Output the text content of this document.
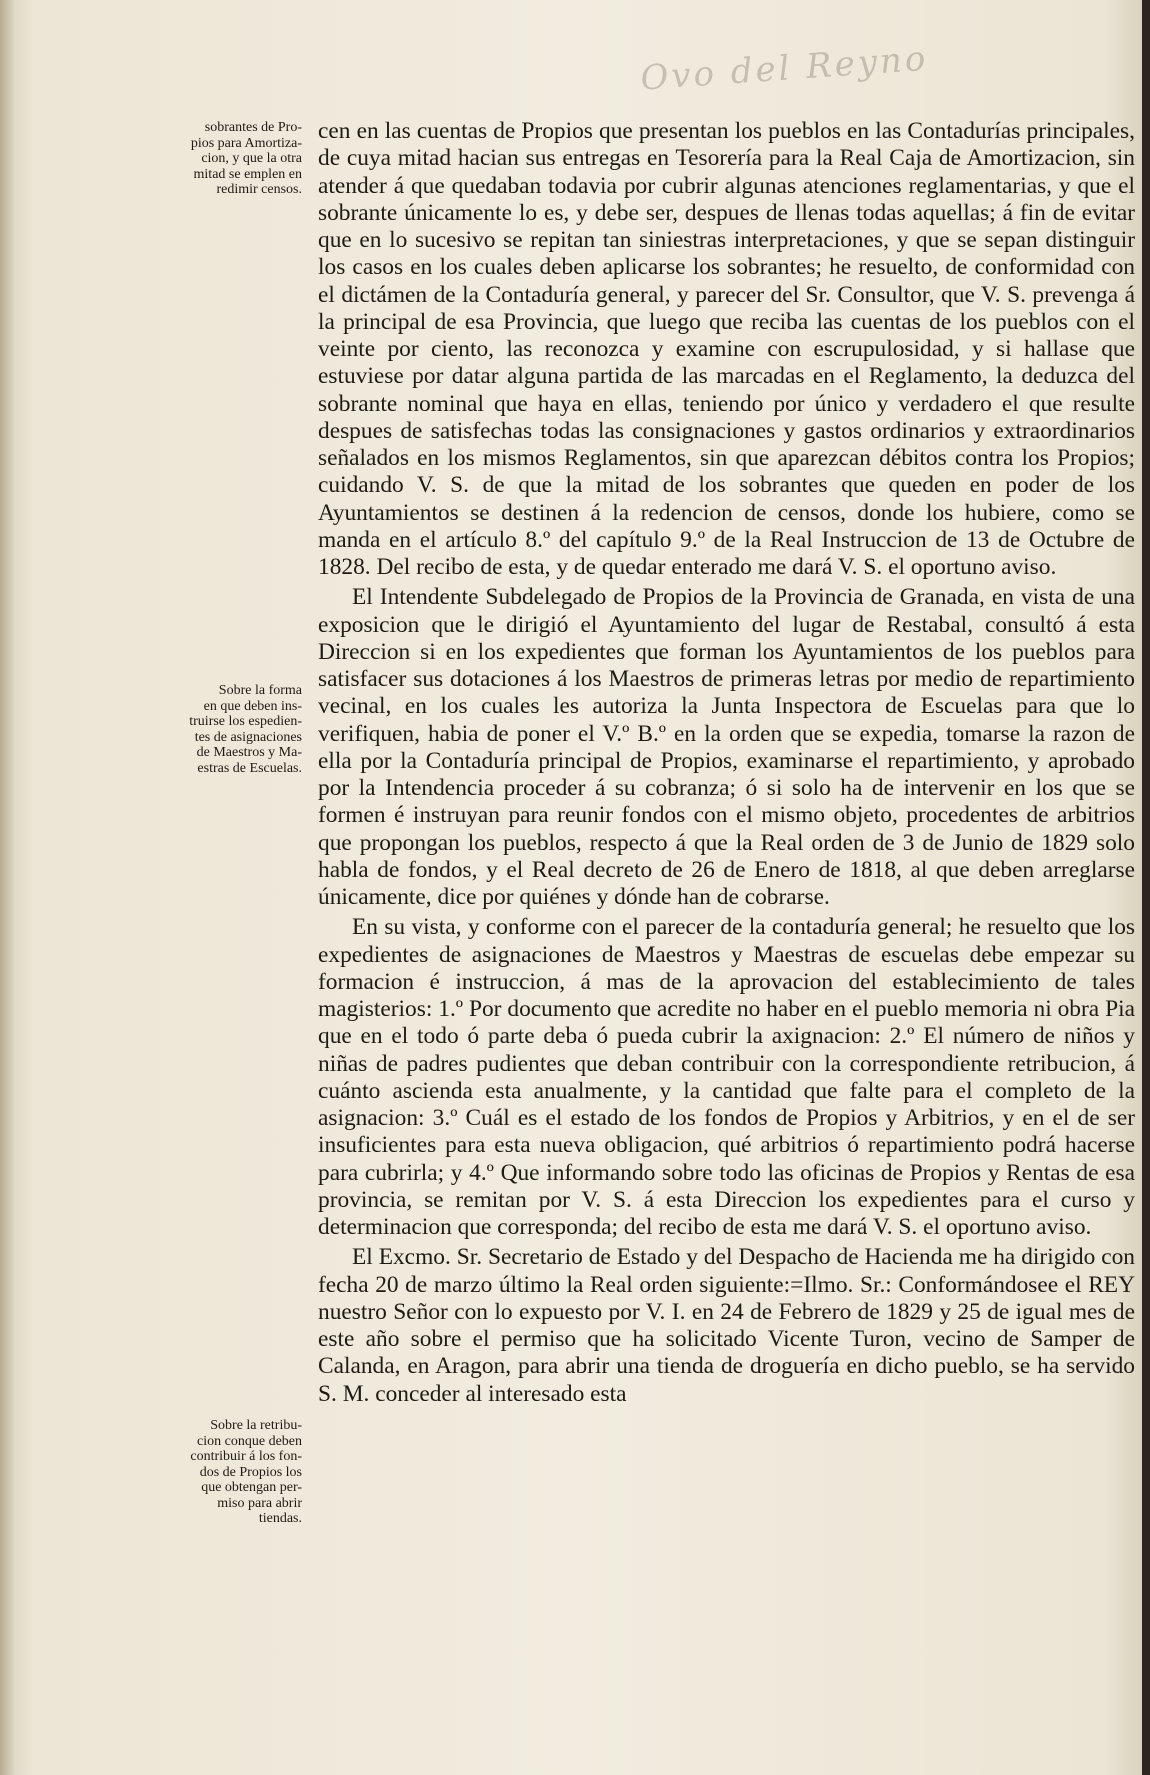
Ovo del Reyno
sobrantes de Pro-
pios para Amortiza-
cion, y que la otra
mitad se emplen en
redimir censos.
Sobre la forma
en que deben ins-
truirse los espedien-
tes de asignaciones
de Maestros y Ma-
estras de Escuelas.
Sobre la retribu-
cion conque deben
contribuir á los fon-
dos de Propios los
que obtengan per-
miso para abrir
tiendas.

cen en las cuentas de Propios que presentan los pueblos en las Contadurías principales, de cuya mitad hacian sus entregas en Tesorería para la Real Caja de Amortizacion, sin atender á que quedaban todavia por cubrir algunas atenciones reglamentarias, y que el sobrante únicamente lo es, y debe ser, despues de llenas todas aquellas; á fin de evitar que en lo sucesivo se repitan tan siniestras interpretaciones, y que se sepan distinguir los casos en los cuales deben aplicarse los sobrantes; he resuelto, de conformidad con el dictámen de la Contaduría general, y parecer del Sr. Consultor, que V. S. prevenga á la principal de esa Provincia, que luego que reciba las cuentas de los pueblos con el veinte por ciento, las reconozca y examine con escrupulosidad, y si hallase que estuviese por datar alguna partida de las marcadas en el Reglamento, la deduzca del sobrante nominal que haya en ellas, teniendo por único y verdadero el que resulte despues de satisfechas todas las consignaciones y gastos ordinarios y extraordinarios señalados en los mismos Reglamentos, sin que aparezcan débitos contra los Propios; cuidando V. S. de que la mitad de los sobrantes que queden en poder de los Ayuntamientos se destinen á la redencion de censos, donde los hubiere, como se manda en el artículo 8.º del capítulo 9.º de la Real Instruccion de 13 de Octubre de 1828. Del recibo de esta, y de quedar enterado me dará V. S. el oportuno aviso.

El Intendente Subdelegado de Propios de la Provincia de Granada, en vista de una exposicion que le dirigió el Ayuntamiento del lugar de Restabal, consultó á esta Direccion si en los expedientes que forman los Ayuntamientos de los pueblos para satisfacer sus dotaciones á los Maestros de primeras letras por medio de repartimiento vecinal, en los cuales les autoriza la Junta Inspectora de Escuelas para que lo verifiquen, habia de poner el V.º B.º en la orden que se expedia, tomarse la razon de ella por la Contaduría principal de Propios, examinarse el repartimiento, y aprobado por la Intendencia proceder á su cobranza; ó si solo ha de intervenir en los que se formen é instruyan para reunir fondos con el mismo objeto, procedentes de arbitrios que propongan los pueblos, respecto á que la Real orden de 3 de Junio de 1829 solo habla de fondos, y el Real decreto de 26 de Enero de 1818, al que deben arreglarse únicamente, dice por quiénes y dónde han de cobrarse.

En su vista, y conforme con el parecer de la contaduría general; he resuelto que los expedientes de asignaciones de Maestros y Maestras de escuelas debe empezar su formacion é instruccion, á mas de la aprovacion del establecimiento de tales magisterios: 1.º Por documento que acredite no haber en el pueblo memoria ni obra Pia que en el todo ó parte deba ó pueda cubrir la axignacion: 2.º El número de niños y niñas de padres pudientes que deban contribuir con la correspondiente retribucion, á cuánto ascienda esta anualmente, y la cantidad que falte para el completo de la asignacion: 3.º Cuál es el estado de los fondos de Propios y Arbitrios, y en el de ser insuficientes para esta nueva obligacion, qué arbitrios ó repartimiento podrá hacerse para cubrirla; y 4.º Que informando sobre todo las oficinas de Propios y Rentas de esa provincia, se remitan por V. S. á esta Direccion los expedientes para el curso y determinacion que corresponda; del recibo de esta me dará V. S. el oportuno aviso.

El Excmo. Sr. Secretario de Estado y del Despacho de Hacienda me ha dirigido con fecha 20 de marzo último la Real orden siguiente:=Ilmo. Sr.: Conformándosee el REY nuestro Señor con lo expuesto por V. I. en 24 de Febrero de 1829 y 25 de igual mes de este año sobre el permiso que ha solicitado Vicente Turon, vecino de Samper de Calanda, en Aragon, para abrir una tienda de droguería en dicho pueblo, se ha servido S. M. conceder al interesado esta
